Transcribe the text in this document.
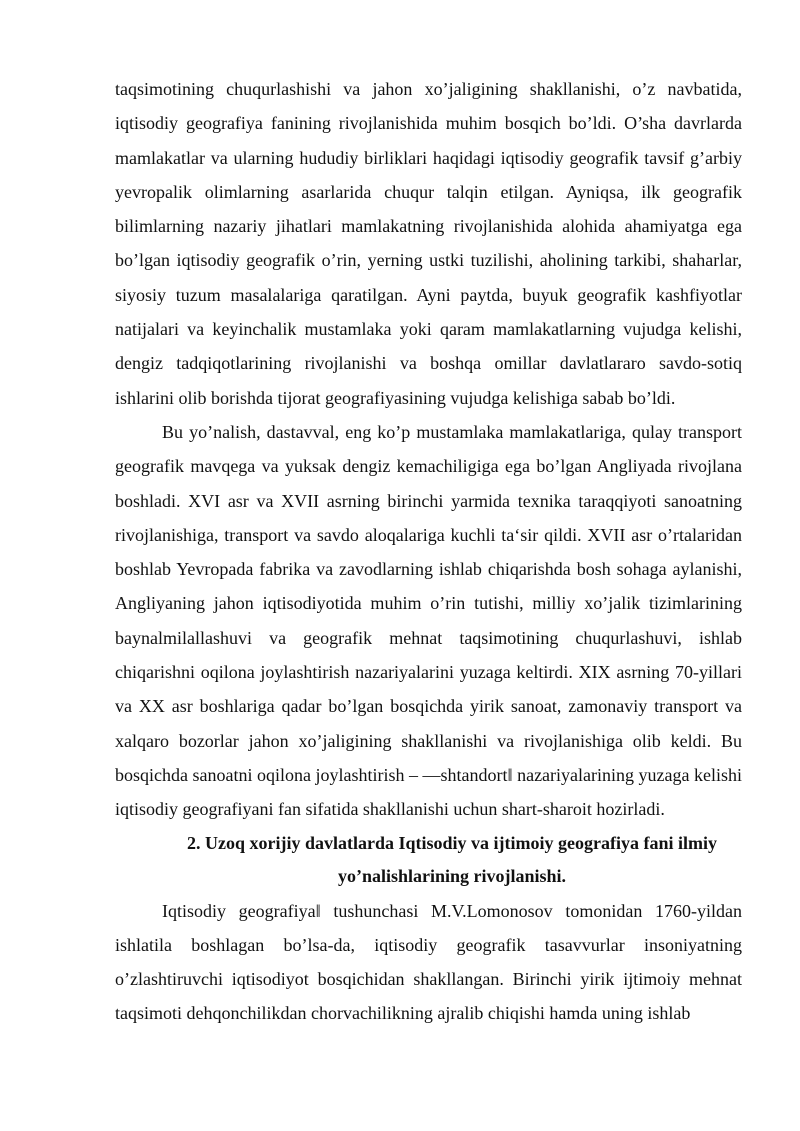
taqsimotining chuqurlashishi va jahon xo’jaligining shakllanishi, o’z navbatida, iqtisodiy geografiya fanining rivojlanishida muhim bosqich bo’ldi. O’sha davrlarda mamlakatlar va ularning hududiy birliklari haqidagi iqtisodiy geografik tavsif g’arbiy yevropalik olimlarning asarlarida chuqur talqin etilgan. Ayniqsa, ilk geografik bilimlarning nazariy jihatlari mamlakatning rivojlanishida alohida ahamiyatga ega bo’lgan iqtisodiy geografik o’rin, yerning ustki tuzilishi, aholining tarkibi, shaharlar, siyosiy tuzum masalalariga qaratilgan. Ayni paytda, buyuk geografik kashfiyotlar natijalari va keyinchalik mustamlaka yoki qaram mamlakatlarning vujudga kelishi, dengiz tadqiqotlarining rivojlanishi va boshqa omillar davlatlararo savdo-sotiq ishlarini olib borishda tijorat geografiyasining vujudga kelishiga sabab bo’ldi.

Bu yo’nalish, dastavval, eng ko’p mustamlaka mamlakatlariga, qulay transport geografik mavqega va yuksak dengiz kemachiligiga ega bo’lgan Angliyada rivojlana boshladi. XVI asr va XVII asrning birinchi yarmida texnika taraqqiyoti sanoatning rivojlanishiga, transport va savdo aloqalariga kuchli ta‘sir qildi. XVII asr o’rtalaridan boshlab Yevropada fabrika va zavodlarning ishlab chiqarishda bosh sohaga aylanishi, Angliyaning jahon iqtisodiyotida muhim o’rin tutishi, milliy xo’jalik tizimlarining baynalmilallashuvi va geografik mehnat taqsimotining chuqurlashuvi, ishlab chiqarishni oqilona joylashtirish nazariyalarini yuzaga keltirdi. XIX asrning 70-yillari va XX asr boshlariga qadar bo’lgan bosqichda yirik sanoat, zamonaviy transport va xalqaro bozorlar jahon xo’jaligining shakllanishi va rivojlanishiga olib keldi. Bu bosqichda sanoatni oqilona joylashtirish – ―shtandort‖ nazariyalarining yuzaga kelishi iqtisodiy geografiyani fan sifatida shakllanishi uchun shart-sharoit hozirladi.

2. Uzoq xorijiy davlatlarda Iqtisodiy va ijtimoiy geografiya fani ilmiy yo’nalishlarining rivojlanishi.

Iqtisodiy geografiya‖ tushunchasi M.V.Lomonosov tomonidan 1760-yildan ishlatila boshlagan bo’lsa-da, iqtisodiy geografik tasavvurlar insoniyatning o’zlashtiruvchi iqtisodiyot bosqichidan shakllangan. Birinchi yirik ijtimoiy mehnat taqsimoti dehqonchilikdan chorvachilikning ajralib chiqishi hamda uning ishlab
